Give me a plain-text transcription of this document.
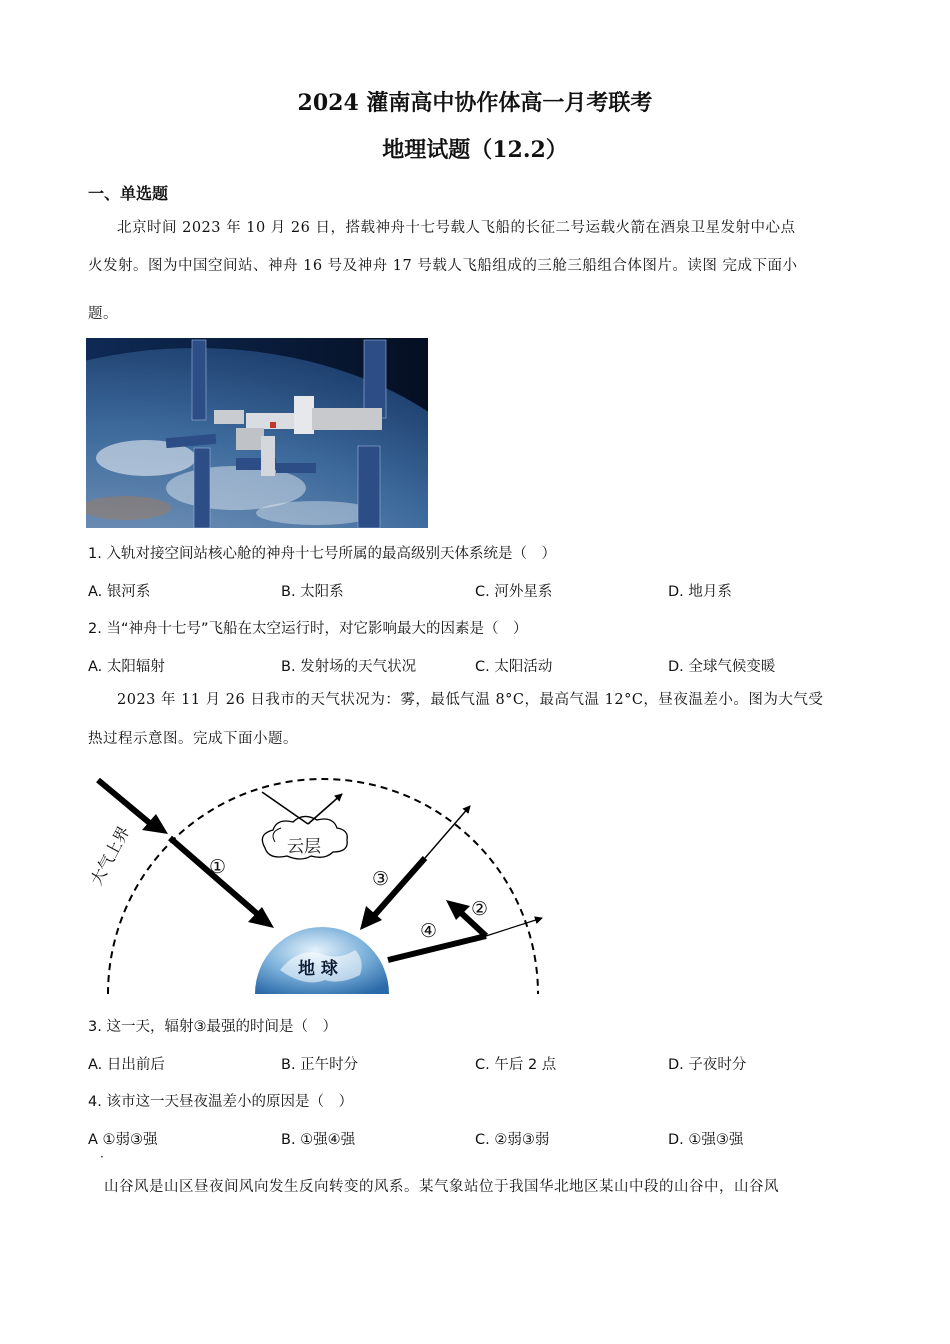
2024 灌南高中协作体高一月考联考
地理试题（12.2）
一、单选题
北京时间 2023 年 10 月 26 日，搭载神舟十七号载人飞船的长征二号运载火箭在酒泉卫星发射中心点
火发射。图为中国空间站、神舟 16 号及神舟 17 号载人飞船组成的三舱三船组合体图片。读图 完成下面小
题。
1. 入轨对接空间站核心舱的神舟十七号所属的最高级别天体系统是（　）
A. 银河系	B. 太阳系	C. 河外星系	D. 地月系
2. 当“神舟十七号”飞船在太空运行时，对它影响最大的因素是（　）
A. 太阳辐射	B. 发射场的天气状况	C. 太阳活动	D. 全球气候变暖
2023 年 11 月 26 日我市的天气状况为：雾，最低气温 8°C，最高气温 12°C，昼夜温差小。图为大气受
热过程示意图。完成下面小题。
大气上界	云层
地 球
①
②
③
④
3. 这一天，辐射③最强的时间是（　）
A. 日出前后	B. 正午时分	C. 午后 2 点	D. 子夜时分
4. 该市这一天昼夜温差小的原因是（　）
A ①弱③强	B. ①强④强	C. ②弱③弱	D. ①强③强
·
山谷风是山区昼夜间风向发生反向转变的风系。某气象站位于我国华北地区某山中段的山谷中，山谷风
